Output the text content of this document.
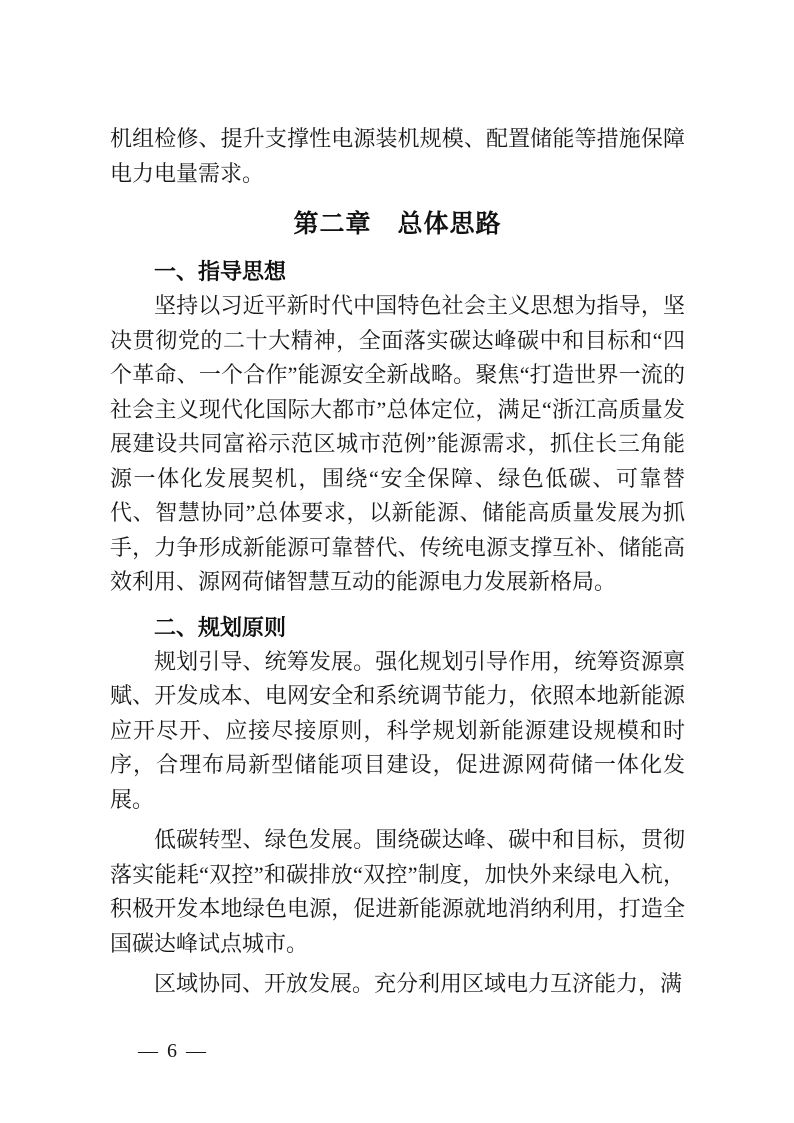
机组检修、提升支撑性电源装机规模、配置储能等措施保障电力电量需求。

第二章　总体思路
一、指导思想

坚持以习近平新时代中国特色社会主义思想为指导，坚决贯彻党的二十大精神，全面落实碳达峰碳中和目标和“四个革命、一个合作”能源安全新战略。聚焦“打造世界一流的社会主义现代化国际大都市”总体定位，满足“浙江高质量发展建设共同富裕示范区城市范例”能源需求，抓住长三角能源一体化发展契机，围绕“安全保障、绿色低碳、可靠替代、智慧协同”总体要求，以新能源、储能高质量发展为抓手，力争形成新能源可靠替代、传统电源支撑互补、储能高效利用、源网荷储智慧互动的能源电力发展新格局。

二、规划原则

规划引导、统筹发展。强化规划引导作用，统筹资源禀赋、开发成本、电网安全和系统调节能力，依照本地新能源应开尽开、应接尽接原则，科学规划新能源建设规模和时序，合理布局新型储能项目建设，促进源网荷储一体化发展。

低碳转型、绿色发展。围绕碳达峰、碳中和目标，贯彻落实能耗“双控”和碳排放“双控”制度，加快外来绿电入杭，积极开发本地绿色电源，促进新能源就地消纳利用，打造全国碳达峰试点城市。

区域协同、开放发展。充分利用区域电力互济能力，满

— 6 —
